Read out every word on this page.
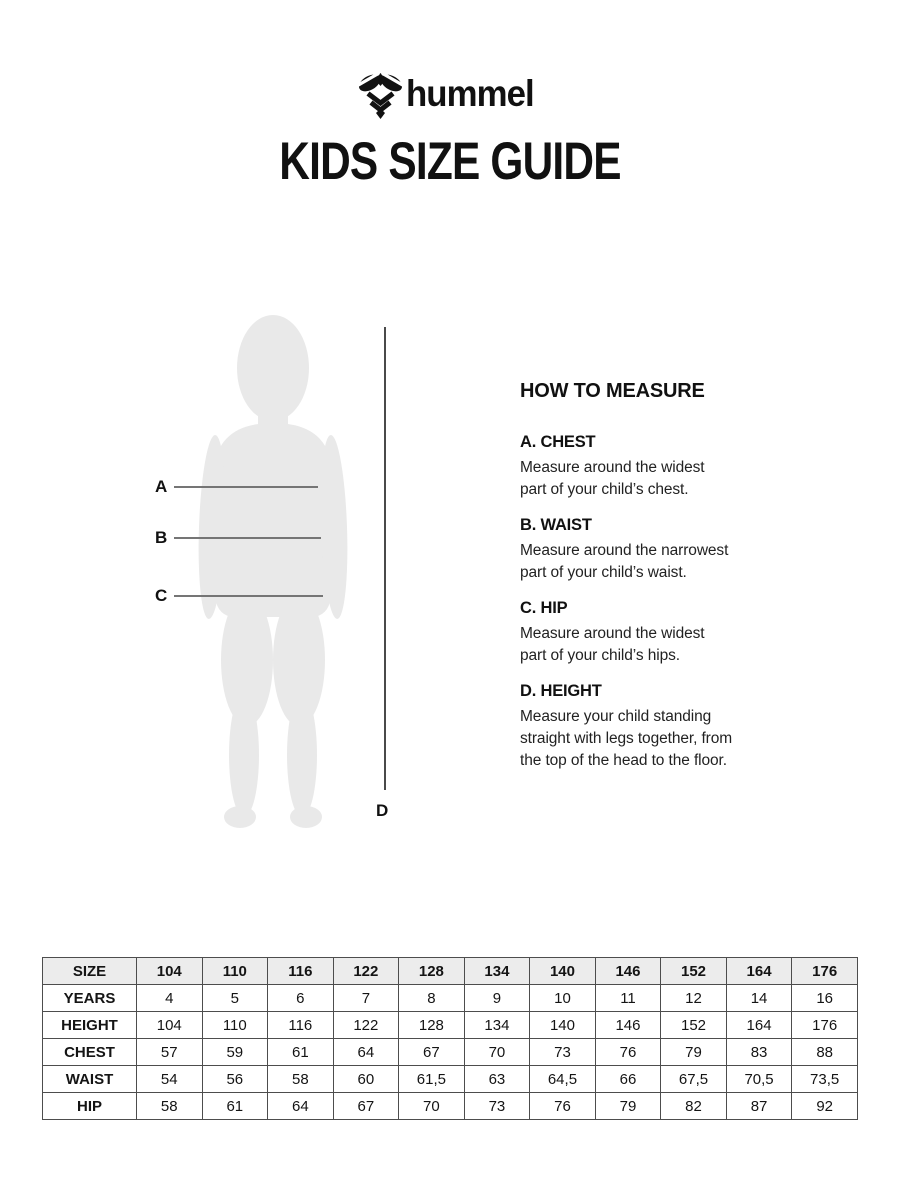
hummel
KIDS SIZE GUIDE
A
B
C
D
HOW TO MEASURE
A. CHEST
Measure around the widest
part of your child’s chest.
B. WAIST
Measure around the narrowest
part of your child’s waist.
C. HIP
Measure around the widest
part of your child’s hips.
D. HEIGHT
Measure your child standing
straight with legs together, from
the top of the head to the floor.
SIZE	104	110	116	122	128	134	140	146	152	164	176
YEARS	4	5	6	7	8	9	10	11	12	14	16
HEIGHT	104	110	116	122	128	134	140	146	152	164	176
CHEST	57	59	61	64	67	70	73	76	79	83	88
WAIST	54	56	58	60	61,5	63	64,5	66	67,5	70,5	73,5
HIP	58	61	64	67	70	73	76	79	82	87	92
